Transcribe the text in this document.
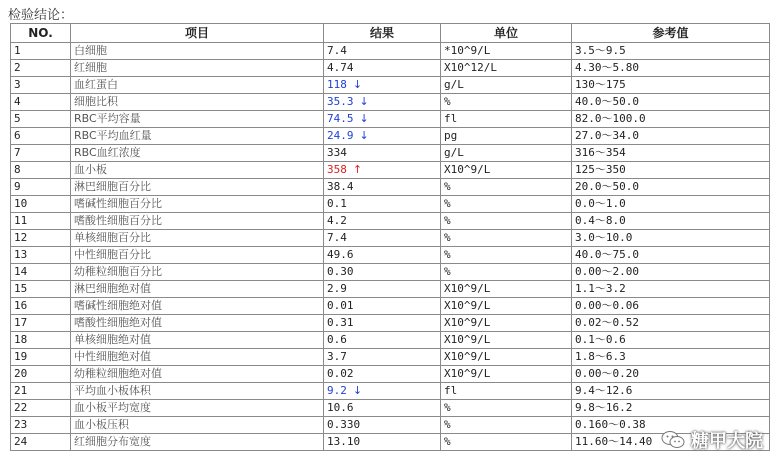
检验结论：
NO.	项目	结果	单位	参考值
1	白细胞	7.4	*10^9/L	3.5～9.5
2	红细胞	4.74	X10^12/L	4.30～5.80
3	血红蛋白	118 ↓	g/L	130～175
4	细胞比积	35.3 ↓	%	40.0～50.0
5	RBC平均容量	74.5 ↓	fl	82.0～100.0
6	RBC平均血红量	24.9 ↓	pg	27.0～34.0
7	RBC血红浓度	334	g/L	316～354
8	血小板	358 ↑	X10^9/L	125～350
9	淋巴细胞百分比	38.4	%	20.0～50.0
10	嗜碱性细胞百分比	0.1	%	0.0～1.0
11	嗜酸性细胞百分比	4.2	%	0.4～8.0
12	单核细胞百分比	7.4	%	3.0～10.0
13	中性细胞百分比	49.6	%	40.0～75.0
14	幼稚粒细胞百分比	0.30	%	0.00～2.00
15	淋巴细胞绝对值	2.9	X10^9/L	1.1～3.2
16	嗜碱性细胞绝对值	0.01	X10^9/L	0.00～0.06
17	嗜酸性细胞绝对值	0.31	X10^9/L	0.02～0.52
18	单核细胞绝对值	0.6	X10^9/L	0.1～0.6
19	中性细胞绝对值	3.7	X10^9/L	1.8～6.3
20	幼稚粒细胞绝对值	0.02	X10^9/L	0.00～0.20
21	平均血小板体积	9.2 ↓	fl	9.4～12.6
22	血小板平均宽度	10.6	%	9.8～16.2
23	血小板压积	0.330	%	0.160～0.38
24	红细胞分布宽度	13.10	%	11.60～14.40 糖甲大院
